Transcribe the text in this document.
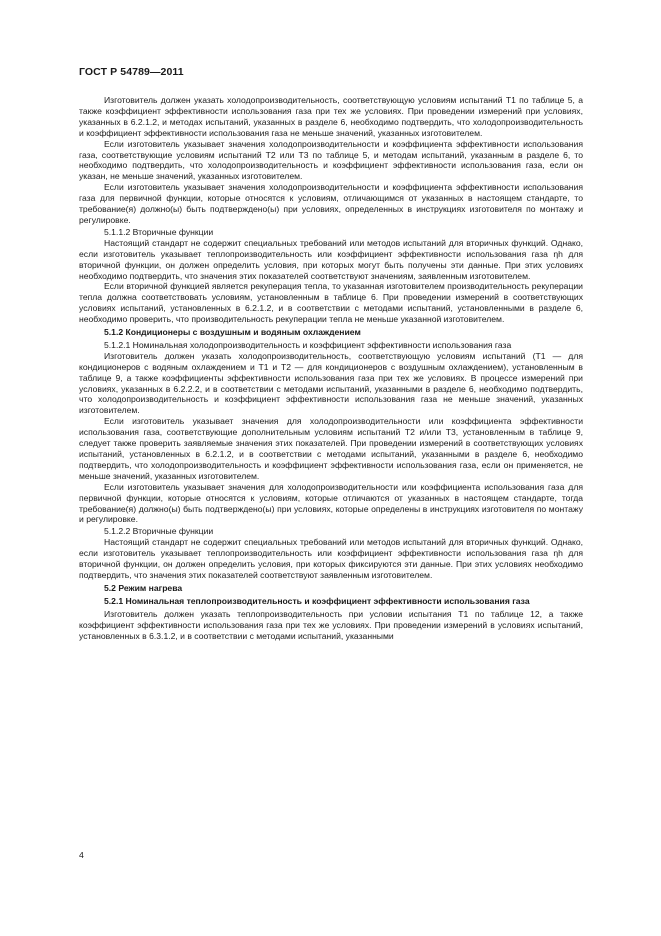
ГОСТ Р 54789—2011

Изготовитель должен указать холодопроизводительность, соответствующую условиям испытаний Т1 по таблице 5, а также коэффициент эффективности использования газа при тех же условиях. При проведении измерений при условиях, указанных в 6.2.1.2, и методах испытаний, указанных в разделе 6, необходимо подтвердить, что холодопроизводительность и коэффициент эффективности использования газа не меньше значений, указанных изготовителем.

Если изготовитель указывает значения холодопроизводительности и коэффициента эффективности использования газа, соответствующие условиям испытаний Т2 или Т3 по таблице 5, и методам испытаний, указанным в разделе 6, то необходимо подтвердить, что холодопроизводительность и коэффициент эффективности использования газа, если он указан, не меньше значений, указанных изготовителем.

Если изготовитель указывает значения холодопроизводительности и коэффициента эффективности использования газа для первичной функции, которые относятся к условиям, отличающимся от указанных в настоящем стандарте, то требование(я) должно(ы) быть подтверждено(ы) при условиях, определенных в инструкциях изготовителя по монтажу и регулировке.

5.1.1.2 Вторичные функции

Настоящий стандарт не содержит специальных требований или методов испытаний для вторичных функций. Однако, если изготовитель указывает теплопроизводительность или коэффициент эффективности использования газа ηh для вторичной функции, он должен определить условия, при которых могут быть получены эти данные. При этих условиях необходимо подтвердить, что значения этих показателей соответствуют значениям, заявленным изготовителем.

Если вторичной функцией является рекуперация тепла, то указанная изготовителем производительность рекуперации тепла должна соответствовать условиям, установленным в таблице 6. При проведении измерений в соответствующих условиях испытаний, установленных в 6.2.1.2, и в соответствии с методами испытаний, установленными в разделе 6, необходимо проверить, что производительность рекуперации тепла не меньше указанной изготовителем.

5.1.2 Кондиционеры с воздушным и водяным охлаждением

5.1.2.1 Номинальная холодопроизводительность и коэффициент эффективности использования газа

Изготовитель должен указать холодопроизводительность, соответствующую условиям испытаний (Т1 — для кондиционеров с водяным охлаждением и Т1 и Т2 — для кондиционеров с воздушным охлаждением), установленным в таблице 9, а также коэффициенты эффективности использования газа при тех же условиях. В процессе измерений при условиях, указанных в 6.2.2.2, и в соответствии с методами испытаний, указанными в разделе 6, необходимо подтвердить, что холодопроизводительность и коэффициент эффективности использования газа не меньше значений, указанных изготовителем.

Если изготовитель указывает значения для холодопроизводительности или коэффициента эффективности использования газа, соответствующие дополнительным условиям испытаний Т2 и/или Т3, установленным в таблице 9, следует также проверить заявляемые значения этих показателей. При проведении измерений в соответствующих условиях испытаний, установленных в 6.2.1.2, и в соответствии с методами испытаний, указанными в разделе 6, необходимо подтвердить, что холодопроизводительность и коэффициент эффективности использования газа, если он применяется, не меньше значений, указанных изготовителем.

Если изготовитель указывает значения для холодопроизводительности или коэффициента использования газа для первичной функции, которые относятся к условиям, которые отличаются от указанных в настоящем стандарте, тогда требование(я) должно(ы) быть подтверждено(ы) при условиях, которые определены в инструкциях изготовителя по монтажу и регулировке.

5.1.2.2 Вторичные функции

Настоящий стандарт не содержит специальных требований или методов испытаний для вторичных функций. Однако, если изготовитель указывает теплопроизводительность или коэффициент эффективности использования газа ηh для вторичной функции, он должен определить условия, при которых фиксируются эти данные. При этих условиях необходимо подтвердить, что значения этих показателей соответствуют заявленным изготовителем.

5.2 Режим нагрева

5.2.1 Номинальная теплопроизводительность и коэффициент эффективности использования газа

Изготовитель должен указать теплопроизводительность при условии испытания Т1 по таблице 12, а также коэффициент эффективности использования газа при тех же условиях. При проведении измерений в условиях испытаний, установленных в 6.3.1.2, и в соответствии с методами испытаний, указанными

4
